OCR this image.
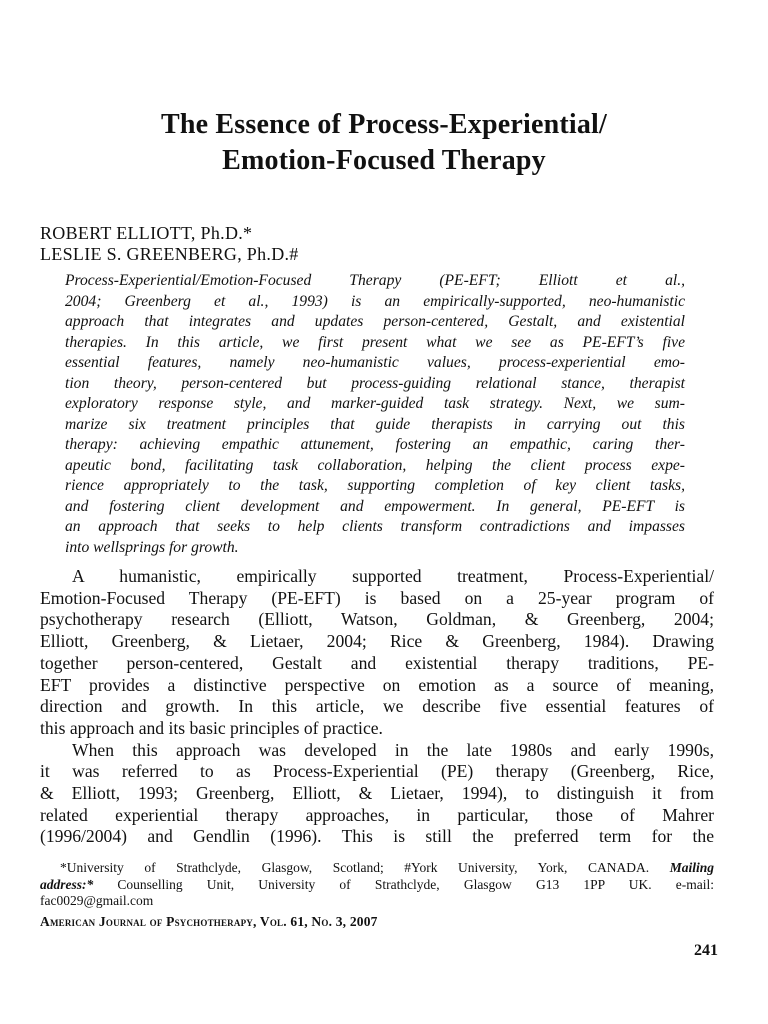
The Essence of Process-Experiential/
Emotion-Focused Therapy
ROBERT ELLIOTT, Ph.D.*
LESLIE S. GREENBERG, Ph.D.#
Process-Experiential/Emotion-Focused Therapy (PE-EFT; Elliott et al.,
2004; Greenberg et al., 1993) is an empirically-supported, neo-humanistic
approach that integrates and updates person-centered, Gestalt, and existential
therapies. In this article, we first present what we see as PE-EFT’s five
essential features, namely neo-humanistic values, process-experiential emo-
tion theory, person-centered but process-guiding relational stance, therapist
exploratory response style, and marker-guided task strategy. Next, we sum-
marize six treatment principles that guide therapists in carrying out this
therapy: achieving empathic attunement, fostering an empathic, caring ther-
apeutic bond, facilitating task collaboration, helping the client process expe-
rience appropriately to the task, supporting completion of key client tasks,
and fostering client development and empowerment. In general, PE-EFT is
an approach that seeks to help clients transform contradictions and impasses
into wellsprings for growth.
A humanistic, empirically supported treatment, Process-Experiential/
Emotion-Focused Therapy (PE-EFT) is based on a 25-year program of
psychotherapy research (Elliott, Watson, Goldman, & Greenberg, 2004;
Elliott, Greenberg, & Lietaer, 2004; Rice & Greenberg, 1984). Drawing
together person-centered, Gestalt and existential therapy traditions, PE-
EFT provides a distinctive perspective on emotion as a source of meaning,
direction and growth. In this article, we describe five essential features of
this approach and its basic principles of practice.
When this approach was developed in the late 1980s and early 1990s,
it was referred to as Process-Experiential (PE) therapy (Greenberg, Rice,
& Elliott, 1993; Greenberg, Elliott, & Lietaer, 1994), to distinguish it from
related experiential therapy approaches, in particular, those of Mahrer
(1996/2004) and Gendlin (1996). This is still the preferred term for the
*University of Strathclyde, Glasgow, Scotland; #York University, York, CANADA. Mailing
address:* Counselling Unit, University of Strathclyde, Glasgow G13 1PP UK. e-mail:
fac0029@gmail.com
American Journal of Psychotherapy, Vol. 61, No. 3, 2007
241
